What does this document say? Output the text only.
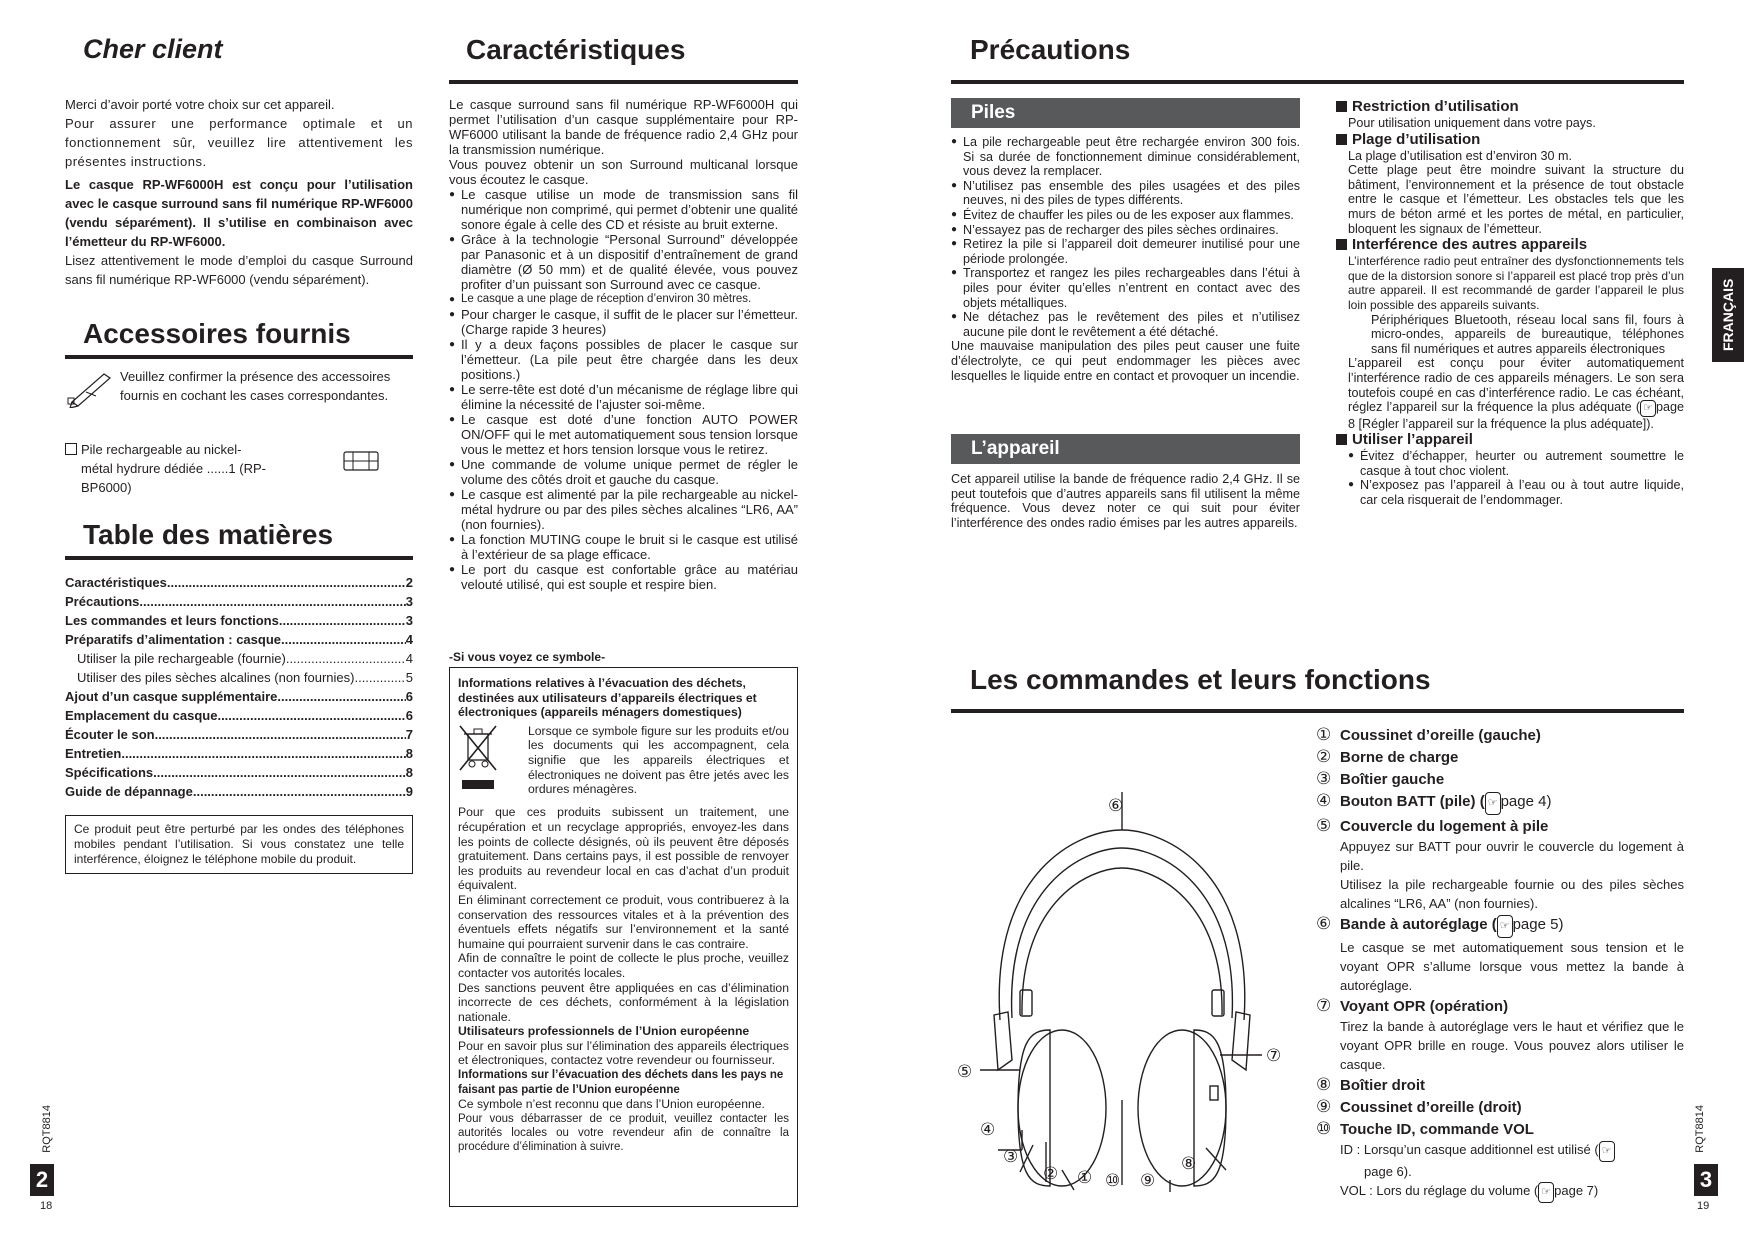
Cher client

Merci d’avoir porté votre choix sur cet appareil.

Pour assurer une performance optimale et un fonctionnement sûr, veuillez lire attentivement les présentes instructions.

Le casque RP-WF6000H est conçu pour l’utilisation avec le casque surround sans fil numérique RP-WF6000 (vendu séparément). Il s’utilise en combinaison avec l’émetteur du RP-WF6000.

Lisez attentivement le mode d’emploi du casque Surround sans fil numérique RP-WF6000 (vendu séparément).

Accessoires fournis
Veuillez confirmer la présence des accessoires fournis en cochant les cases correspondantes.
Pile rechargeable au nickel-métal hydrure dédiée ......1 (RP-BP6000)
Table des matières
Caractéristiques .....	2
Précautions .....	3
Les commandes et leurs fonctions .....	3
Préparatifs d’alimentation : casque .....	4
Utiliser la pile rechargeable (fournie) .....	4
Utiliser des piles sèches alcalines (non fournies) .....	5
Ajout d’un casque supplémentaire .....	6
Emplacement du casque .....	6
Écouter le son .....	7
Entretien .....	8
Spécifications .....	8
Guide de dépannage .....	9
Ce produit peut être perturbé par les ondes des téléphones mobiles pendant l’utilisation. Si vous constatez une telle interférence, éloignez le téléphone mobile du produit.
RQT8814
2
18
Caractéristiques

Le casque surround sans fil numérique RP-WF6000H qui permet l’utilisation d’un casque supplémentaire pour RP-WF6000 utilisant la bande de fréquence radio 2,4 GHz pour la transmission numérique.

Vous pouvez obtenir un son Surround multicanal lorsque vous écoutez le casque.

● Le casque utilise un mode de transmission sans fil numérique non comprimé, qui permet d’obtenir une qualité sonore égale à celle des CD et résiste au bruit externe.
● Grâce à la technologie “Personal Surround” développée par Panasonic et à un dispositif d’entraînement de grand diamètre (Ø 50 mm) et de qualité élevée, vous pouvez profiter d’un puissant son Surround avec ce casque.
● Le casque a une plage de réception d’environ 30 mètres.
● Pour charger le casque, il suffit de le placer sur l’émetteur. (Charge rapide 3 heures)
● Il y a deux façons possibles de placer le casque sur l’émetteur. (La pile peut être chargée dans les deux positions.)
● Le serre-tête est doté d’un mécanisme de réglage libre qui élimine la nécessité de l’ajuster soi-même.
● Le casque est doté d’une fonction AUTO POWER ON/OFF qui le met automatiquement sous tension lorsque vous le mettez et hors tension lorsque vous le retirez.
● Une commande de volume unique permet de régler le volume des côtés droit et gauche du casque.
● Le casque est alimenté par la pile rechargeable au nickel-métal hydrure ou par des piles sèches alcalines “LR6, AA” (non fournies).
● La fonction MUTING coupe le bruit si le casque est utilisé à l’extérieur de sa plage efficace.
● Le port du casque est confortable grâce au matériau velouté utilisé, qui est souple et respire bien.
-Si vous voyez ce symbole-
Informations relatives à l’évacuation des déchets, destinées aux utilisateurs d’appareils électriques et électroniques (appareils ménagers domestiques)
Lorsque ce symbole figure sur les produits et/ou les documents qui les accompagnent, cela signifie que les appareils électriques et électroniques ne doivent pas être jetés avec les ordures ménagères.

Pour que ces produits subissent un traitement, une récupération et un recyclage appropriés, envoyez-les dans les points de collecte désignés, où ils peuvent être déposés gratuitement. Dans certains pays, il est possible de renvoyer les produits au revendeur local en cas d’achat d’un produit équivalent.

En éliminant correctement ce produit, vous contribuerez à la conservation des ressources vitales et à la prévention des éventuels effets négatifs sur l’environnement et la santé humaine qui pourraient survenir dans le cas contraire.

Afin de connaître le point de collecte le plus proche, veuillez contacter vos autorités locales.

Des sanctions peuvent être appliquées en cas d’élimination incorrecte de ces déchets, conformément à la législation nationale.

Utilisateurs professionnels de l’Union européenne

Pour en savoir plus sur l’élimination des appareils électriques et électroniques, contactez votre revendeur ou fournisseur.

Informations sur l’évacuation des déchets dans les pays ne faisant pas partie de l’Union européenne

Ce symbole n’est reconnu que dans l’Union européenne.

Pour vous débarrasser de ce produit, veuillez contacter les autorités locales ou votre revendeur afin de connaître la procédure d’élimination à suivre.

Précautions
Piles
● La pile rechargeable peut être rechargée environ 300 fois. Si sa durée de fonctionnement diminue considérablement, vous devez la remplacer.
● N’utilisez pas ensemble des piles usagées et des piles neuves, ni des piles de types différents.
● Évitez de chauffer les piles ou de les exposer aux flammes.
● N’essayez pas de recharger des piles sèches ordinaires.
● Retirez la pile si l’appareil doit demeurer inutilisé pour une période prolongée.
● Transportez et rangez les piles rechargeables dans l’étui à piles pour éviter qu’elles n’entrent en contact avec des objets métalliques.
● Ne détachez pas le revêtement des piles et n’utilisez aucune pile dont le revêtement a été détaché.

Une mauvaise manipulation des piles peut causer une fuite d’électrolyte, ce qui peut endommager les pièces avec lesquelles le liquide entre en contact et provoquer un incendie.

L’appareil
Cet appareil utilise la bande de fréquence radio 2,4 GHz. Il se peut toutefois que d’autres appareils sans fil utilisent la même fréquence. Vous devez noter ce qui suit pour éviter l’interférence des ondes radio émises par les autres appareils.
Restriction d’utilisation

Pour utilisation uniquement dans votre pays.

Plage d’utilisation

La plage d’utilisation est d’environ 30 m.

Cette plage peut être moindre suivant la structure du bâtiment, l’environnement et la présence de tout obstacle entre le casque et l’émetteur. Les obstacles tels que les murs de béton armé et les portes de métal, en particulier, bloquent les signaux de l’émetteur.

Interférence des autres appareils

L’interférence radio peut entraîner des dysfonctionnements tels que de la distorsion sonore si l’appareil est placé trop près d’un autre appareil. Il est recommandé de garder l’appareil le plus loin possible des appareils suivants.

Périphériques Bluetooth, réseau local sans fil, fours à micro-ondes, appareils de bureautique, téléphones sans fil numériques et autres appareils électroniques

L’appareil est conçu pour éviter automatiquement l’interférence radio de ces appareils ménagers. Le son sera toutefois coupé en cas d’interférence radio. Le cas échéant, réglez l’appareil sur la fréquence la plus adéquate ( ☞ page 8 [Régler l’appareil sur la fréquence la plus adéquate]).

Utiliser l’appareil
● Évitez d’échapper, heurter ou autrement soumettre le casque à tout choc violent.
● N’exposez pas l’appareil à l’eau ou à tout autre liquide, car cela risquerait de l’endommager.
FRANÇAIS
Les commandes et leurs fonctions
⑥
⑤
⑦
④
③
② ① ⑩ ⑨
⑧
① Coussinet d’oreille (gauche)
② Borne de charge
③ Boîtier gauche
④ Bouton BATT (pile) ( ☞ page 4)
⑤ Couvercle du logement à pile
Appuyez sur BATT pour ouvrir le couvercle du logement à pile.
Utilisez la pile rechargeable fournie ou des piles sèches alcalines “LR6, AA” (non fournies).
⑥ Bande à autoréglage ( ☞ page 5)
Le casque se met automatiquement sous tension et le voyant OPR s’allume lorsque vous mettez la bande à autoréglage.
⑦ Voyant OPR (opération)
Tirez la bande à autoréglage vers le haut et vérifiez que le voyant OPR brille en rouge. Vous pouvez alors utiliser le casque.
⑧ Boîtier droit
⑨ Coussinet d’oreille (droit)
⑩ Touche ID, commande VOL
ID : Lorsqu’un casque additionnel est utilisé ( ☞
page 6).
VOL : Lors du réglage du volume ( ☞ page 7)
RQT8814
3
19
